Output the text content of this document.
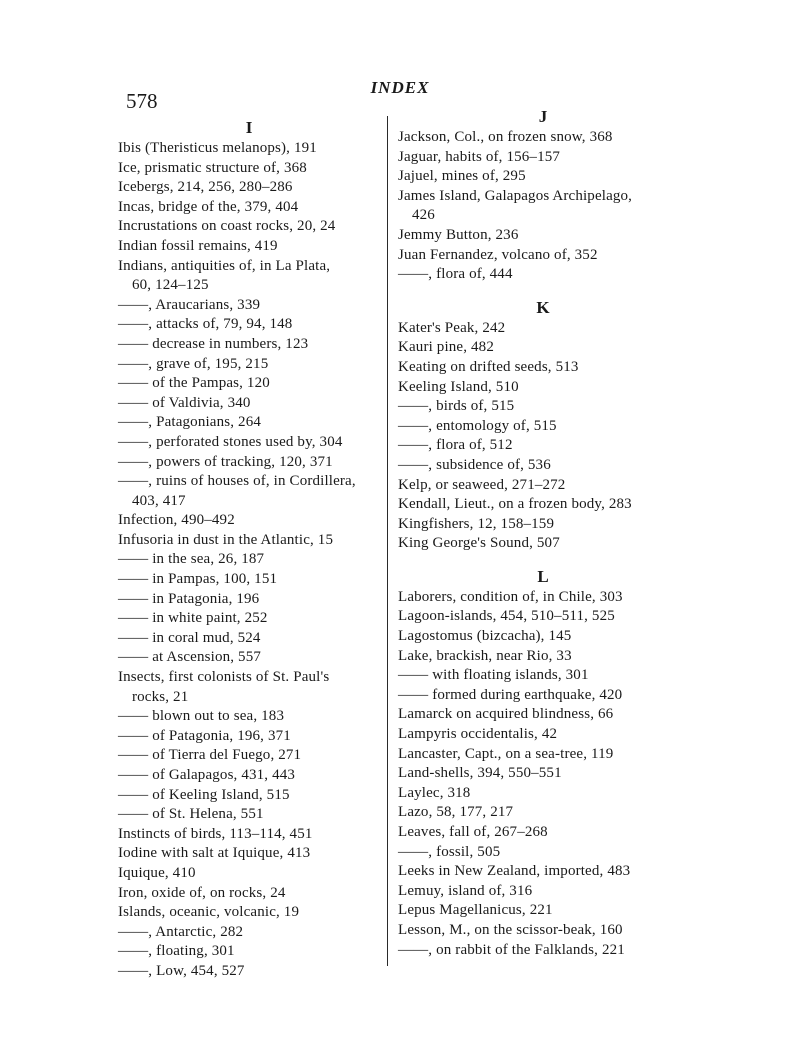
578
INDEX
I
Ibis (Theristicus melanops), 191
Ice, prismatic structure of, 368
Icebergs, 214, 256, 280–286
Incas, bridge of the, 379, 404
Incrustations on coast rocks, 20, 24
Indian fossil remains, 419
Indians, antiquities of, in La Plata,
60, 124–125
——, Araucarians, 339
——, attacks of, 79, 94, 148
—— decrease in numbers, 123
——, grave of, 195, 215
—— of the Pampas, 120
—— of Valdivia, 340
——, Patagonians, 264
——, perforated stones used by, 304
——, powers of tracking, 120, 371
——, ruins of houses of, in Cordillera,
403, 417
Infection, 490–492
Infusoria in dust in the Atlantic, 15
—— in the sea, 26, 187
—— in Pampas, 100, 151
—— in Patagonia, 196
—— in white paint, 252
—— in coral mud, 524
—— at Ascension, 557
Insects, first colonists of St. Paul's
rocks, 21
—— blown out to sea, 183
—— of Patagonia, 196, 371
—— of Tierra del Fuego, 271
—— of Galapagos, 431, 443
—— of Keeling Island, 515
—— of St. Helena, 551
Instincts of birds, 113–114, 451
Iodine with salt at Iquique, 413
Iquique, 410
Iron, oxide of, on rocks, 24
Islands, oceanic, volcanic, 19
——, Antarctic, 282
——, floating, 301
——, Low, 454, 527
J
Jackson, Col., on frozen snow, 368
Jaguar, habits of, 156–157
Jajuel, mines of, 295
James Island, Galapagos Archipelago,
426
Jemmy Button, 236
Juan Fernandez, volcano of, 352
——, flora of, 444
K
Kater's Peak, 242
Kauri pine, 482
Keating on drifted seeds, 513
Keeling Island, 510
——, birds of, 515
——, entomology of, 515
——, flora of, 512
——, subsidence of, 536
Kelp, or seaweed, 271–272
Kendall, Lieut., on a frozen body, 283
Kingfishers, 12, 158–159
King George's Sound, 507
L
Laborers, condition of, in Chile, 303
Lagoon-islands, 454, 510–511, 525
Lagostomus (bizcacha), 145
Lake, brackish, near Rio, 33
—— with floating islands, 301
—— formed during earthquake, 420
Lamarck on acquired blindness, 66
Lampyris occidentalis, 42
Lancaster, Capt., on a sea-tree, 119
Land-shells, 394, 550–551
Laylec, 318
Lazo, 58, 177, 217
Leaves, fall of, 267–268
——, fossil, 505
Leeks in New Zealand, imported, 483
Lemuy, island of, 316
Lepus Magellanicus, 221
Lesson, M., on the scissor-beak, 160
——, on rabbit of the Falklands, 221
